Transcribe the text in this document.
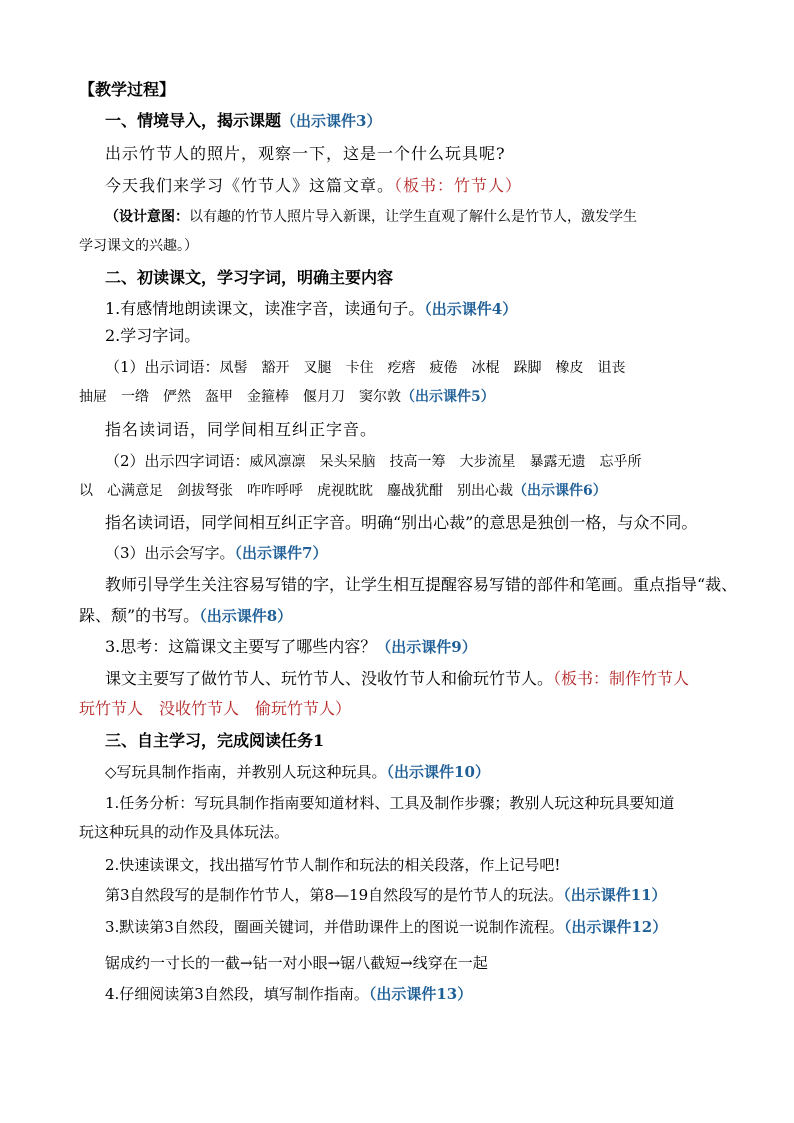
【教学过程】
一、情境导入，揭示课题（出示课件3）
出示竹节人的照片，观察一下，这是一个什么玩具呢?
今天我们来学习《竹节人》这篇文章。（板书：竹节人）
（设计意图：以有趣的竹节人照片导入新课，让学生直观了解什么是竹节人，激发学生
学习课文的兴趣。）
二、初读课文，学习字词，明确主要内容
1.有感情地朗读课文，读准字音，读通句子。（出示课件4）
2.学习字词。
（1）出示词语：凤髻　豁开　叉腿　卡住　疙瘩　疲倦　冰棍　跺脚　橡皮　诅丧
抽屉　一绺　俨然　盔甲　金箍棒　偃月刀　窦尔敦（出示课件5）
指名读词语，同学间相互纠正字音。
（2）出示四字词语：威风凛凛　呆头呆脑　技高一筹　大步流星　暴露无遗　忘乎所
以　心满意足　剑拔弩张　咋咋呼呼　虎视眈眈　鏖战犹酣　别出心裁（出示课件6）
指名读词语，同学间相互纠正字音。明确“别出心裁”的意思是独创一格，与众不同。
（3）出示会写字。（出示课件7）
教师引导学生关注容易写错的字，让学生相互提醒容易写错的部件和笔画。重点指导“裁、
跺、颓”的书写。（出示课件8）
3.思考：这篇课文主要写了哪些内容？（出示课件9）
课文主要写了做竹节人、玩竹节人、没收竹节人和偷玩竹节人。（板书：制作竹节人
玩竹节人　没收竹节人　偷玩竹节人）
三、自主学习，完成阅读任务1
◇写玩具制作指南，并教别人玩这种玩具。（出示课件10）
1.任务分析：写玩具制作指南要知道材料、工具及制作步骤；教别人玩这种玩具要知道
玩这种玩具的动作及具体玩法。
2.快速读课文，找出描写竹节人制作和玩法的相关段落，作上记号吧!
第3自然段写的是制作竹节人，第8—19自然段写的是竹节人的玩法。（出示课件11）
3.默读第3自然段，圈画关键词，并借助课件上的图说一说制作流程。（出示课件12）
锯成约一寸长的一截→钻一对小眼→锯八截短→线穿在一起
4.仔细阅读第3自然段，填写制作指南。（出示课件13）
